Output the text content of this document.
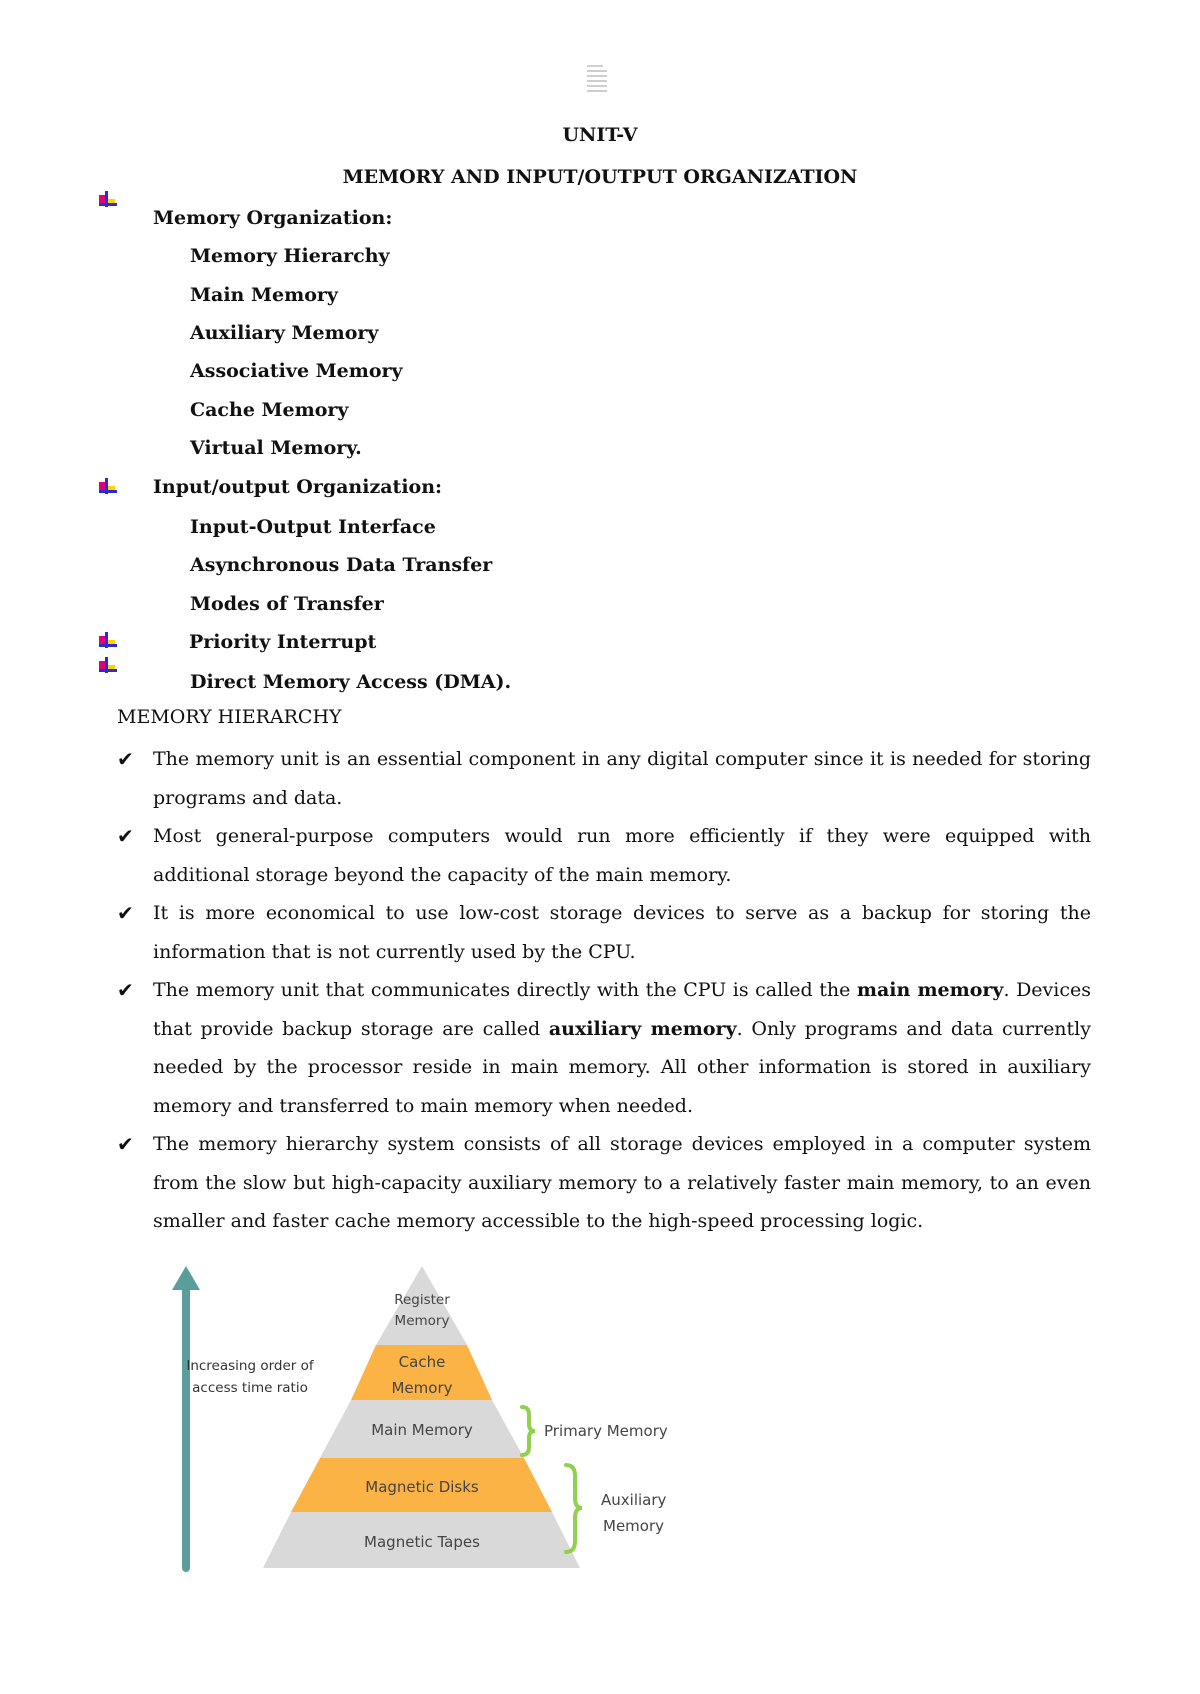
UNIT-V
MEMORY AND INPUT/OUTPUT ORGANIZATION
Memory Organization:
Memory Hierarchy
Main Memory
Auxiliary Memory
Associative Memory
Cache Memory
Virtual Memory.
Input/output Organization:
Input-Output Interface
Asynchronous Data Transfer
Modes of Transfer
Priority Interrupt
Direct Memory Access (DMA).
MEMORY HIERARCHY
✔	The memory unit is an essential component in any digital computer since it is needed for storing programs and data.
✔	Most general-purpose computers would run more efficiently if they were equipped with additional storage beyond the capacity of the main memory.
✔	It is more economical to use low-cost storage devices to serve as a backup for storing the information that is not currently used by the CPU.
✔	The memory unit that communicates directly with the CPU is called the main memory. Devices that provide backup storage are called auxiliary memory. Only programs and data currently needed by the processor reside in main memory. All other information is stored in auxiliary memory and transferred to main memory when needed.
✔	The memory hierarchy system consists of all storage devices employed in a computer system from the slow but high-capacity auxiliary memory to a relatively faster main memory, to an even smaller and faster cache memory accessible to the high-speed processing logic.
Increasing order of
access time ratio
Register
Memory
Cache
Memory
Main Memory
Magnetic Disks
Magnetic Tapes
Primary Memory
Auxiliary
Memory
